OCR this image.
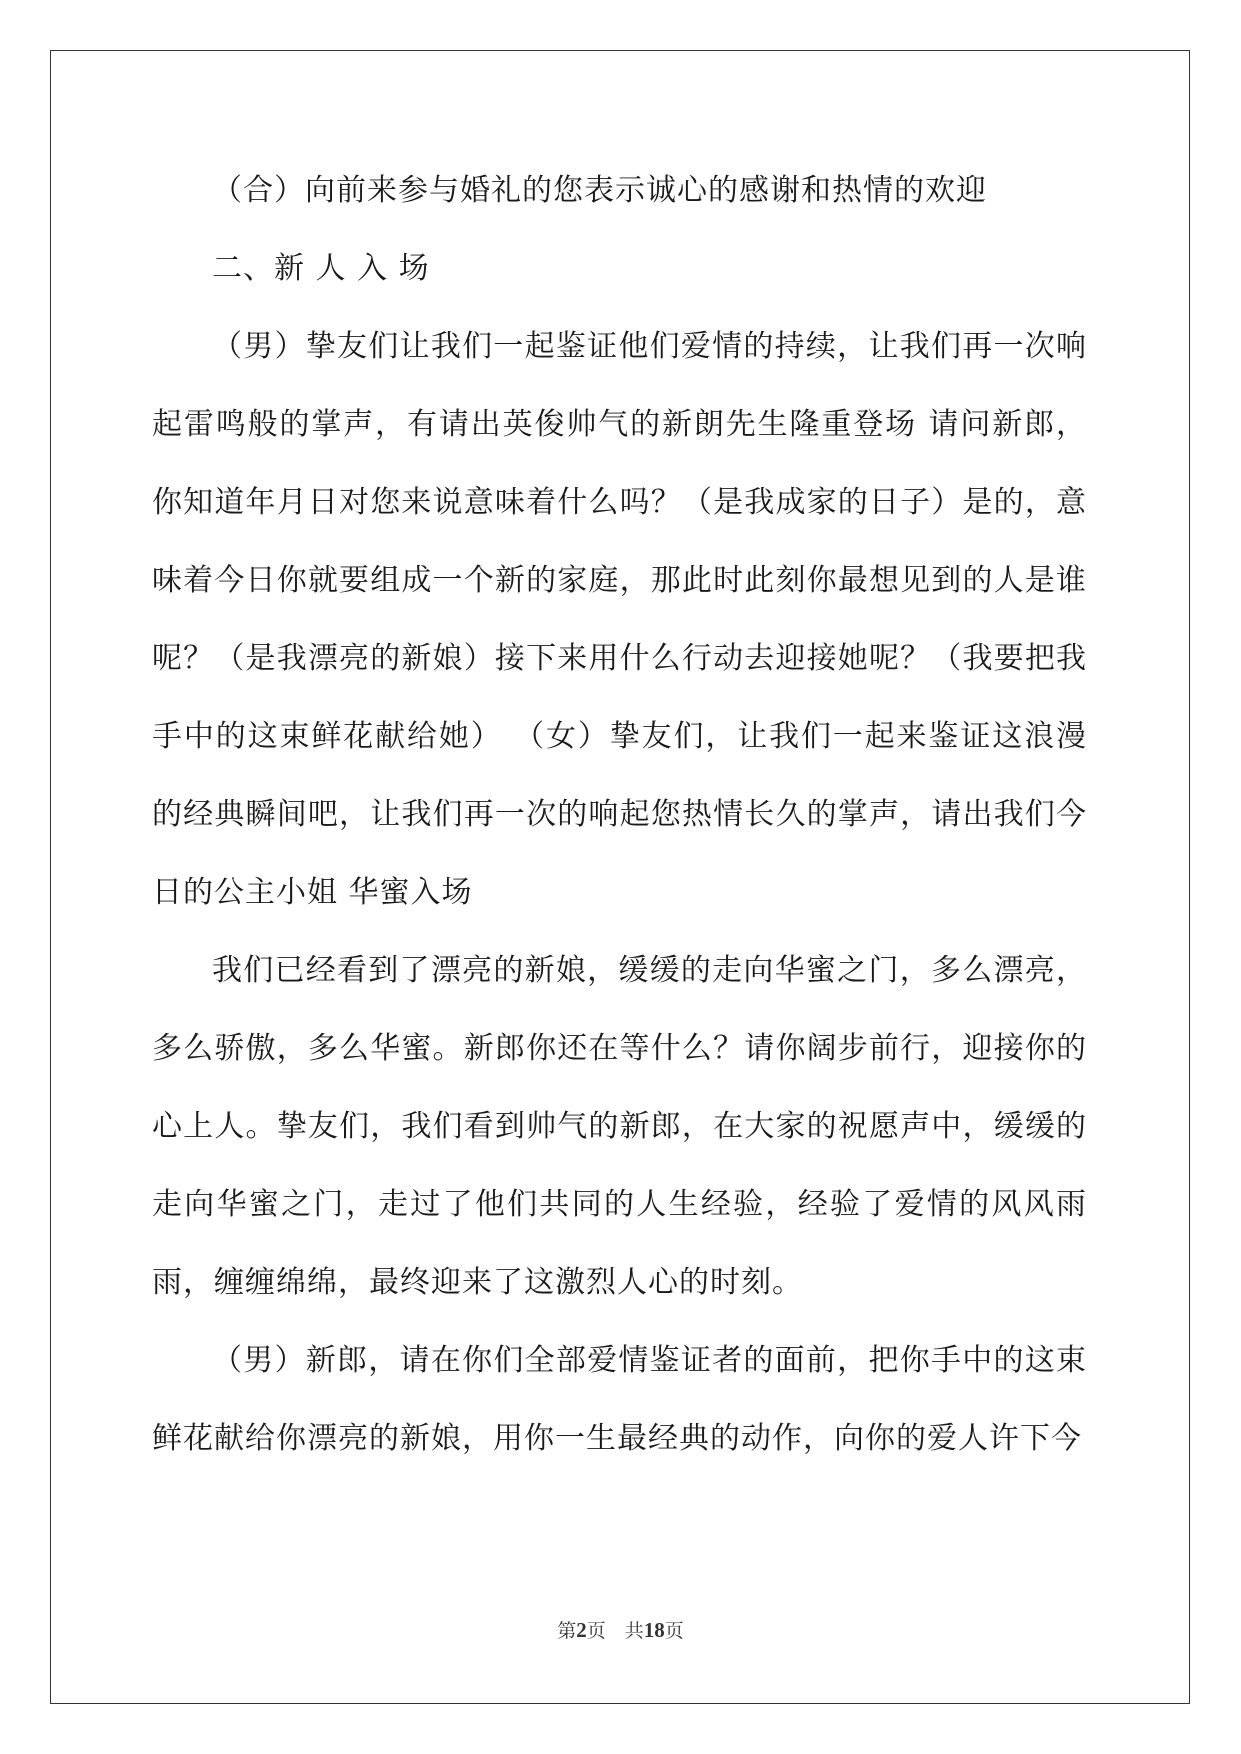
（合）向前来参与婚礼的您表示诚心的感谢和热情的欢迎

二、新 人 入 场

（男）挚友们让我们一起鉴证他们爱情的持续，让我们再一次响起雷鸣般的掌声，有请出英俊帅气的新朗先生隆重登场 请问新郎，你知道年月日对您来说意味着什么吗？（是我成家的日子）是的，意味着今日你就要组成一个新的家庭，那此时此刻你最想见到的人是谁呢？（是我漂亮的新娘）接下来用什么行动去迎接她呢？（我要把我手中的这束鲜花献给她） （女）挚友们，让我们一起来鉴证这浪漫的经典瞬间吧，让我们再一次的响起您热情长久的掌声，请出我们今日的公主小姐 华蜜入场

我们已经看到了漂亮的新娘，缓缓的走向华蜜之门，多么漂亮，多么骄傲，多么华蜜。新郎你还在等什么？请你阔步前行，迎接你的心上人。挚友们，我们看到帅气的新郎，在大家的祝愿声中，缓缓的走向华蜜之门，走过了他们共同的人生经验，经验了爱情的风风雨雨，缠缠绵绵，最终迎来了这激烈人心的时刻。

（男）新郎，请在你们全部爱情鉴证者的面前，把你手中的这束鲜花献给你漂亮的新娘，用你一生最经典的动作，向你的爱人许下今

第2页　共18页
